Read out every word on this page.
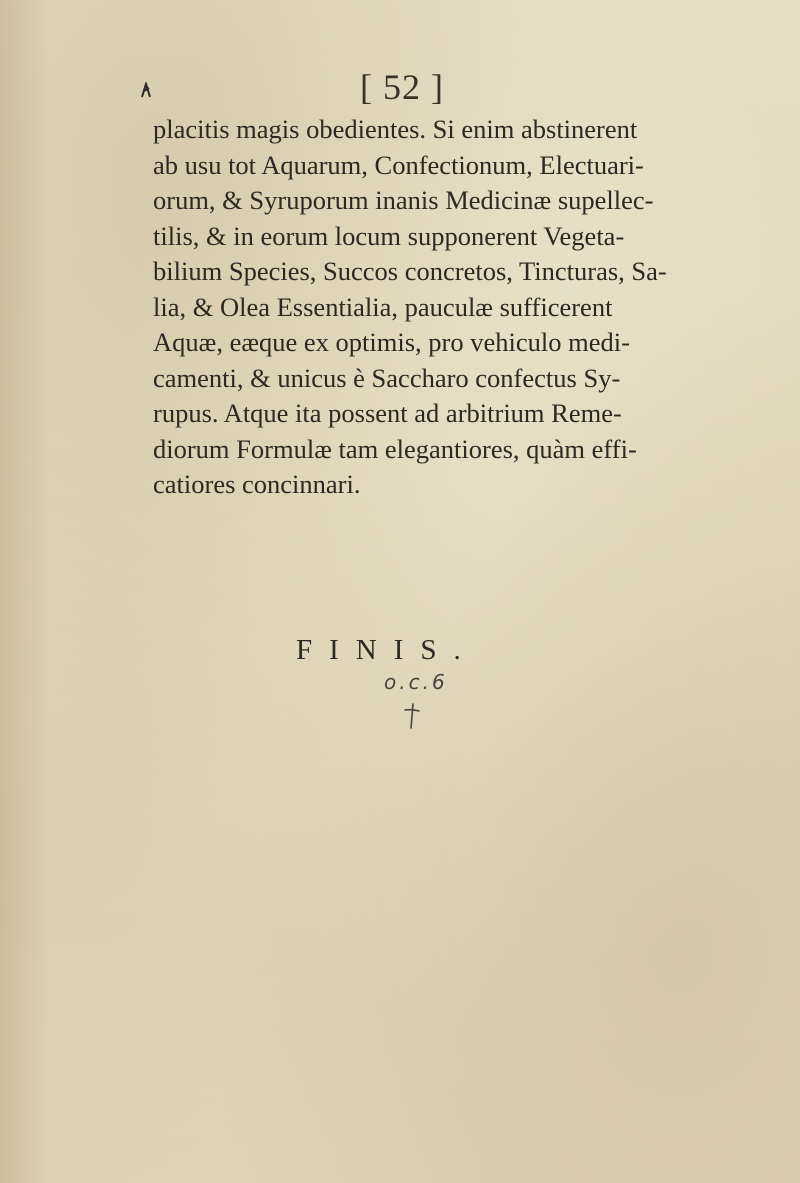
[ 52 ]

placitis magis obedientes. Si enim abstinerent
ab usu tot Aquarum, Confectionum, Electuari-
orum, & Syruporum inanis Medicinæ supellec-
tilis, & in eorum locum supponerent Vegeta-
bilium Species, Succos concretos, Tincturas, Sa-
lia, & Olea Essentialia, pauculæ sufficerent
Aquæ, eæque ex optimis, pro vehiculo medi-
camenti, & unicus è Saccharo confectus Sy-
rupus. Atque ita possent ad arbitrium Reme-
diorum Formulæ tam elegantiores, quàm effi-
catiores concinnari.

FINIS.
o.c.6
